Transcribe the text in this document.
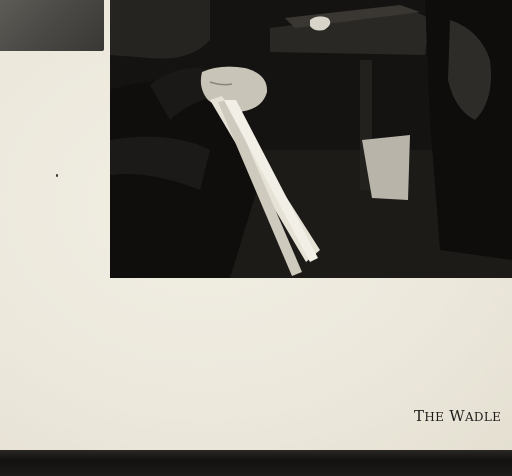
THE WADLE
